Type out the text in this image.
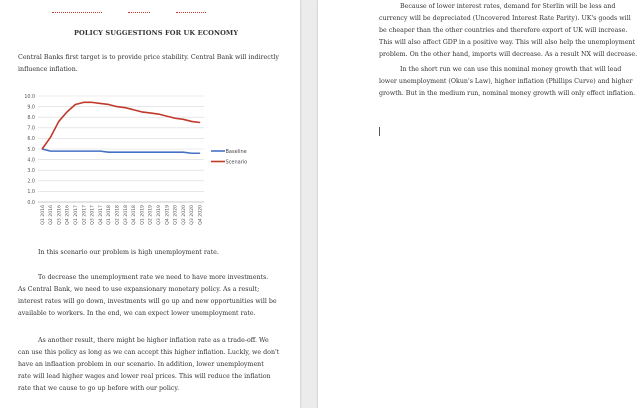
POLICY SUGGESTIONS FOR UK ECONOMY

Central Banks first target is to provide price stability. Central Bank will indirectly

influence inflation.

0.0
1.0
2.0
3.0
4.0
5.0
6.0
7.0
8.0
9.0
10.0
Q1 2016 Q2 2016 Q3 2016 Q4 2016 Q1 2017 Q2 2017 Q3 2017 Q4 2017 Q1 2018 Q2 2018 Q3 2018 Q4 2018 Q1 2019 Q2 2019 Q3 2019 Q4 2019 Q1 2020 Q2 2020 Q3 2020 Q4 2020
Baseline
Scenario

In this scenario our problem is high unemployment rate.

To decrease the unemployment rate we need to have more investments.

As Central Bank, we need to use expansionary monetary policy. As a result;

interest rates will go down, investments will go up and new opportunities will be

available to workers. In the end, we can expect lower unemployment rate.

As another result, there might be higher inflation rate as a trade-off. We

can use this policy as long as we can accept this higher inflation. Luckly, we don't

have an inflaation problem in our scenario. In addition, lower unemployment

rate will lead higher wages and lower real prices. This will reduce the inflation

rate that we cause to go up before with our policy.

Because of lower interest rates, demand for Sterlin will be less and

currency will be depreciated (Uncovered Interest Rate Parity). UK's goods will

be cheaper than the other countries and therefore export of UK will increase.

This will also affect GDP in a positive way. This will also help the unemployment

problem. On the other hand, imports will decrease. As a result NX will decrease.

In the short run we can use this nominal money growth that will lead

lower unemployment (Okun's Law), higher inflation (Phillips Curve) and higher

growth. But in the medium run, nominal money growth will only effect inflation.
